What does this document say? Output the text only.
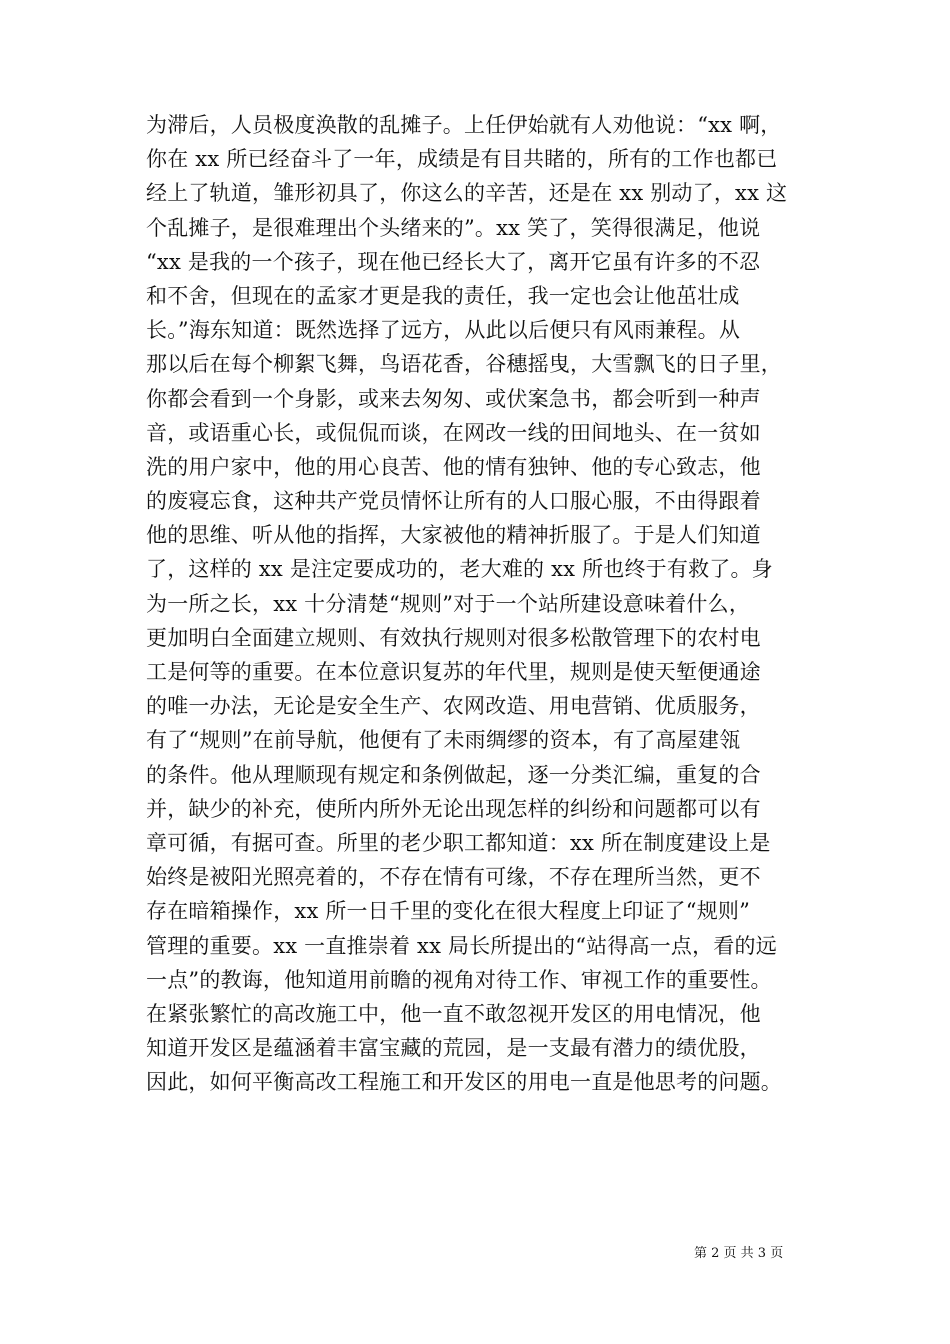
为滞后，人员极度涣散的乱摊子。上任伊始就有人劝他说：“xx 啊，
你在 xx 所已经奋斗了一年，成绩是有目共睹的，所有的工作也都已
经上了轨道，雏形初具了，你这么的辛苦，还是在 xx 别动了，xx 这
个乱摊子，是很难理出个头绪来的”。xx 笑了，笑得很满足，他说
“xx 是我的一个孩子，现在他已经长大了，离开它虽有许多的不忍
和不舍，但现在的孟家才更是我的责任，我一定也会让他茁壮成
长。”海东知道：既然选择了远方，从此以后便只有风雨兼程。从
那以后在每个柳絮飞舞，鸟语花香，谷穗摇曳，大雪飘飞的日子里，
你都会看到一个身影，或来去匆匆、或伏案急书，都会听到一种声
音，或语重心长，或侃侃而谈，在网改一线的田间地头、在一贫如
洗的用户家中，他的用心良苦、他的情有独钟、他的专心致志，他
的废寝忘食，这种共产党员情怀让所有的人口服心服，不由得跟着
他的思维、听从他的指挥，大家被他的精神折服了。于是人们知道
了，这样的 xx 是注定要成功的，老大难的 xx 所也终于有救了。身
为一所之长，xx 十分清楚“规则”对于一个站所建设意味着什么，
更加明白全面建立规则、有效执行规则对很多松散管理下的农村电
工是何等的重要。在本位意识复苏的年代里，规则是使天堑便通途
的唯一办法，无论是安全生产、农网改造、用电营销、优质服务，
有了“规则”在前导航，他便有了未雨绸缪的资本，有了高屋建瓴
的条件。他从理顺现有规定和条例做起，逐一分类汇编，重复的合
并，缺少的补充，使所内所外无论出现怎样的纠纷和问题都可以有
章可循，有据可查。所里的老少职工都知道：xx 所在制度建设上是
始终是被阳光照亮着的，不存在情有可缘，不存在理所当然，更不
存在暗箱操作，xx 所一日千里的变化在很大程度上印证了“规则”
管理的重要。xx 一直推崇着 xx 局长所提出的“站得高一点，看的远
一点”的教诲，他知道用前瞻的视角对待工作、审视工作的重要性。
在紧张繁忙的高改施工中，他一直不敢忽视开发区的用电情况，他
知道开发区是蕴涵着丰富宝藏的荒园，是一支最有潜力的绩优股，
因此，如何平衡高改工程施工和开发区的用电一直是他思考的问题。
第 2 页 共 3 页
